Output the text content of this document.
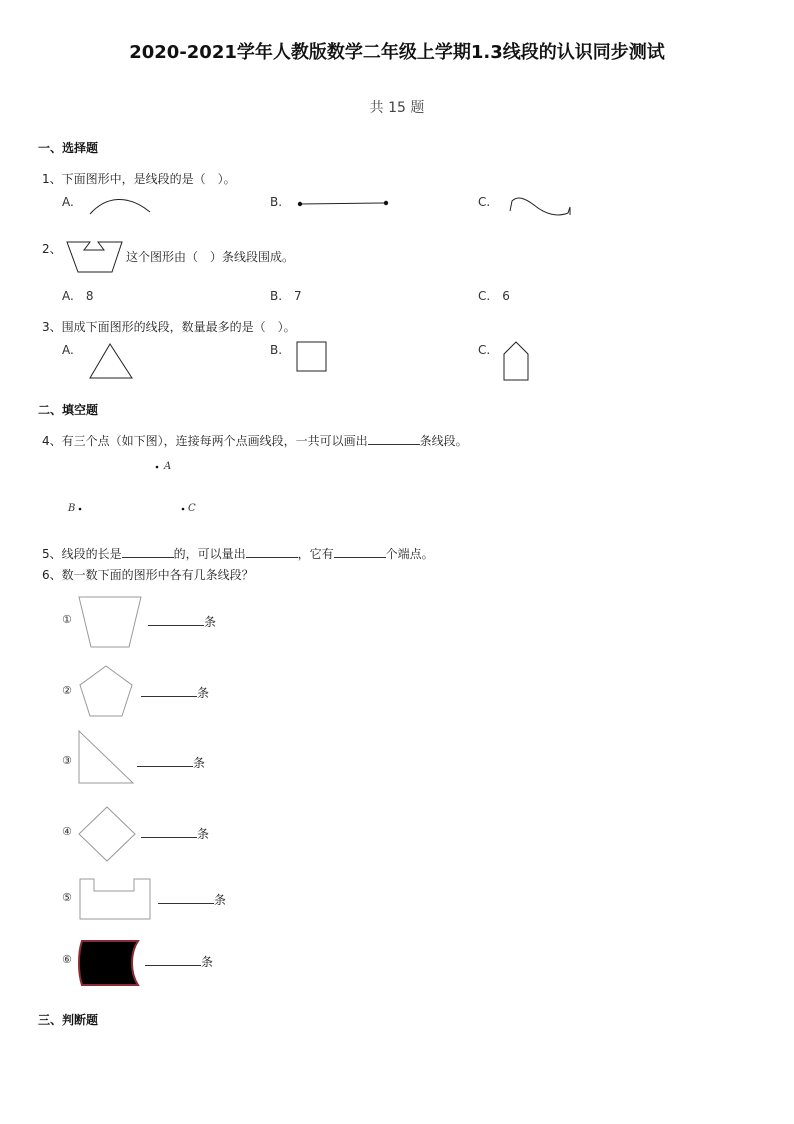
2020-2021学年人教版数学二年级上学期1.3线段的认识同步测试
共 15 题
一、选择题
1、下面图形中，是线段的是（　）。
A.	B.	C.
2、
这个图形由（　）条线段围成。
A.　8	B.　7	C.　6
3、围成下面图形的线段，数量最多的是（　）。
A.	B.	C.
二、填空题
4、有三个点（如下图），连接每两个点画线段，一共可以画出	条线段。
A
B	C
5、线段的长是	的，可以量出	，它有	个端点。
6、数一数下面的图形中各有几条线段？
①	条
②	条
③	条
④	条
⑤	条
⑥	条
三、判断题
